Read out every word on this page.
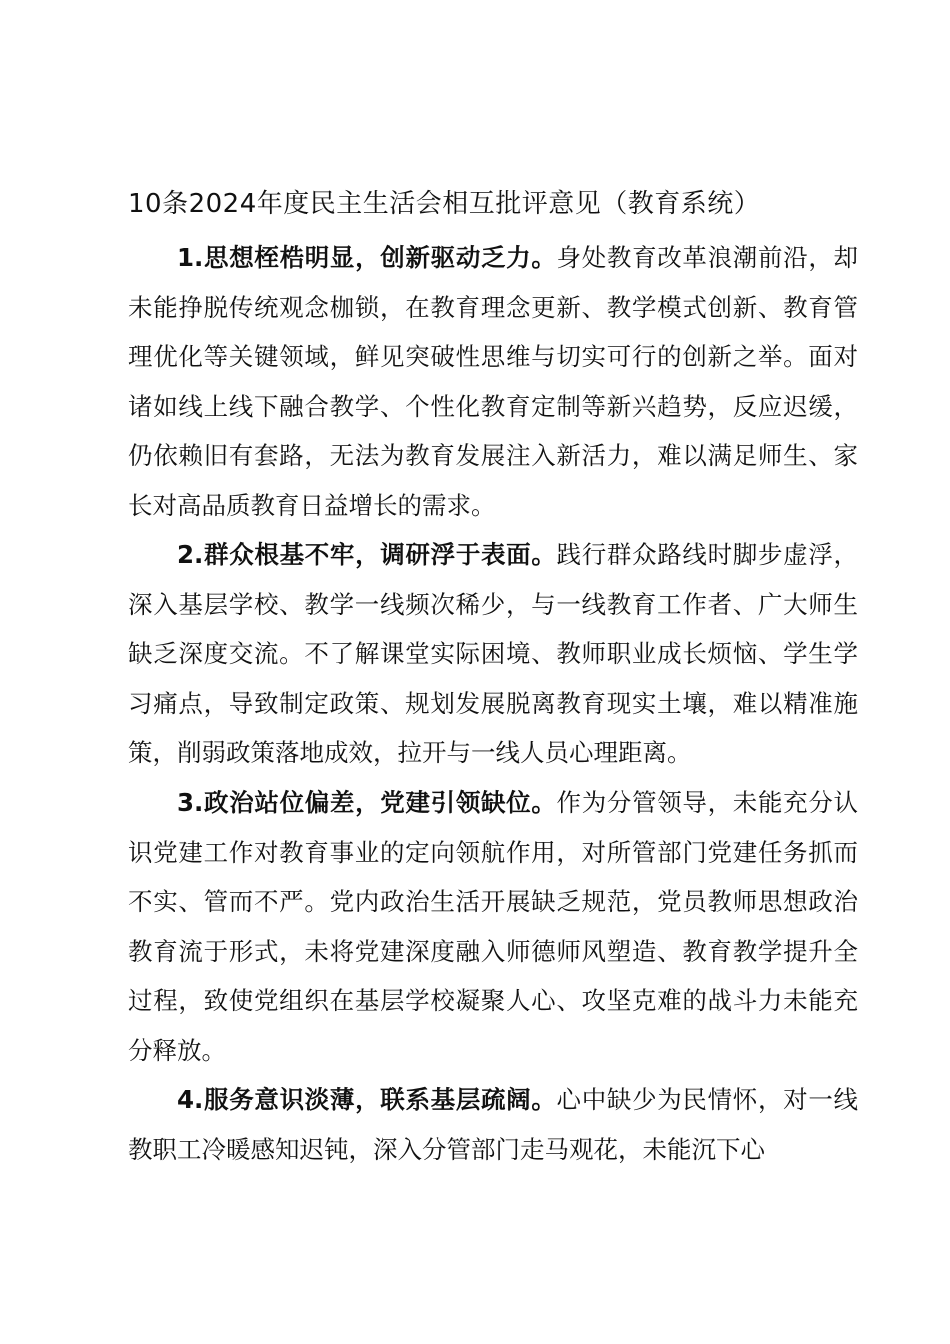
10条2024年度民主生活会相互批评意见（教育系统）

1.思想桎梏明显，创新驱动乏力。身处教育改革浪潮前沿，却未能挣脱传统观念枷锁，在教育理念更新、教学模式创新、教育管理优化等关键领域，鲜见突破性思维与切实可行的创新之举。面对诸如线上线下融合教学、个性化教育定制等新兴趋势，反应迟缓，仍依赖旧有套路，无法为教育发展注入新活力，难以满足师生、家长对高品质教育日益增长的需求。

2.群众根基不牢，调研浮于表面。践行群众路线时脚步虚浮，深入基层学校、教学一线频次稀少，与一线教育工作者、广大师生缺乏深度交流。不了解课堂实际困境、教师职业成长烦恼、学生学习痛点，导致制定政策、规划发展脱离教育现实土壤，难以精准施策，削弱政策落地成效，拉开与一线人员心理距离。

3.政治站位偏差，党建引领缺位。作为分管领导，未能充分认识党建工作对教育事业的定向领航作用，对所管部门党建任务抓而不实、管而不严。党内政治生活开展缺乏规范，党员教师思想政治教育流于形式，未将党建深度融入师德师风塑造、教育教学提升全过程，致使党组织在基层学校凝聚人心、攻坚克难的战斗力未能充分释放。

4.服务意识淡薄，联系基层疏阔。心中缺少为民情怀，对一线教职工冷暖感知迟钝，深入分管部门走马观花，未能沉下心
